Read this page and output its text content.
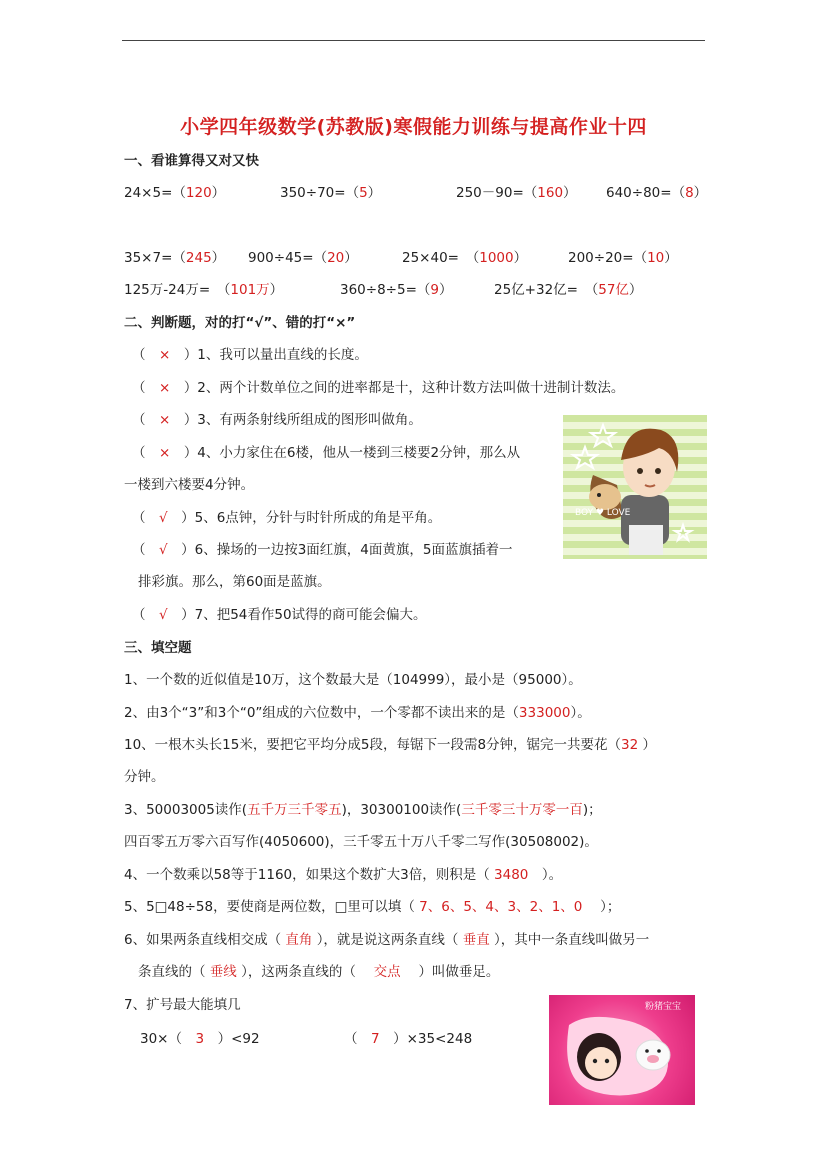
小学四年级数学(苏教版)寒假能力训练与提高作业十四
一、看谁算得又对又快
24×5=（120）	350÷70=（5）	250－90=（160） 640÷80=（8）
35×7=（245） 900÷45=（20）	25×40=　（1000）	200÷20=（10）
125万-24万=　（101万）	360÷8÷5=（9）	25亿+32亿=　（57亿）
二、判断题，对的打“√”、错的打“×”
（　×　 ）1、我可以量出直线的长度。
（　×　 ）2、两个计数单位之间的进率都是十，这种计数方法叫做十进制计数法。
（　×　 ）3、有两条射线所组成的图形叫做角。
（　×　 ）4、小力家住在6楼，他从一楼到三楼要2分钟，那么从
一楼到六楼要4分钟。
（　√　 ）5、6点钟，分针与时针所成的角是平角。
（　√　 ）6、操场的一边按3面红旗，4面黄旗，5面蓝旗插着一
排彩旗。那么，第60面是蓝旗。
（　√　 ）7、把54看作50试得的商可能会偏大。
BOY ♥ LOVE
三、填空题
1、一个数的近似值是10万，这个数最大是（104999），最小是（95000）。
2、由3个“3”和3个“0”组成的六位数中，一个零都不读出来的是（333000）。
10、一根木头长15米，要把它平均分成5段，每锯下一段需8分钟，锯完一共要花（32 ）
分钟。
3、50003005读作(五千万三千零五)，30300100读作(三千零三十万零一百)；
四百零五万零六百写作(4050600)，三千零五十万八千零二写作(30508002)。
4、一个数乘以58等于1160，如果这个数扩大3倍，则积是（ 3480　 ）。
5、5□48÷58，要使商是两位数，□里可以填（ 7、6、5、4、3、2、1、0　 ）；
6、如果两条直线相交成（ 直角 ），就是说这两条直线（ 垂直 ），其中一条直线叫做另一
条直线的（ 垂线 ），这两条直线的（　 交点　 ）叫做垂足。
7、扩号最大能填几
30×（　 3　 ）<92	（　 7　 ）×35<248
粉猪宝宝
